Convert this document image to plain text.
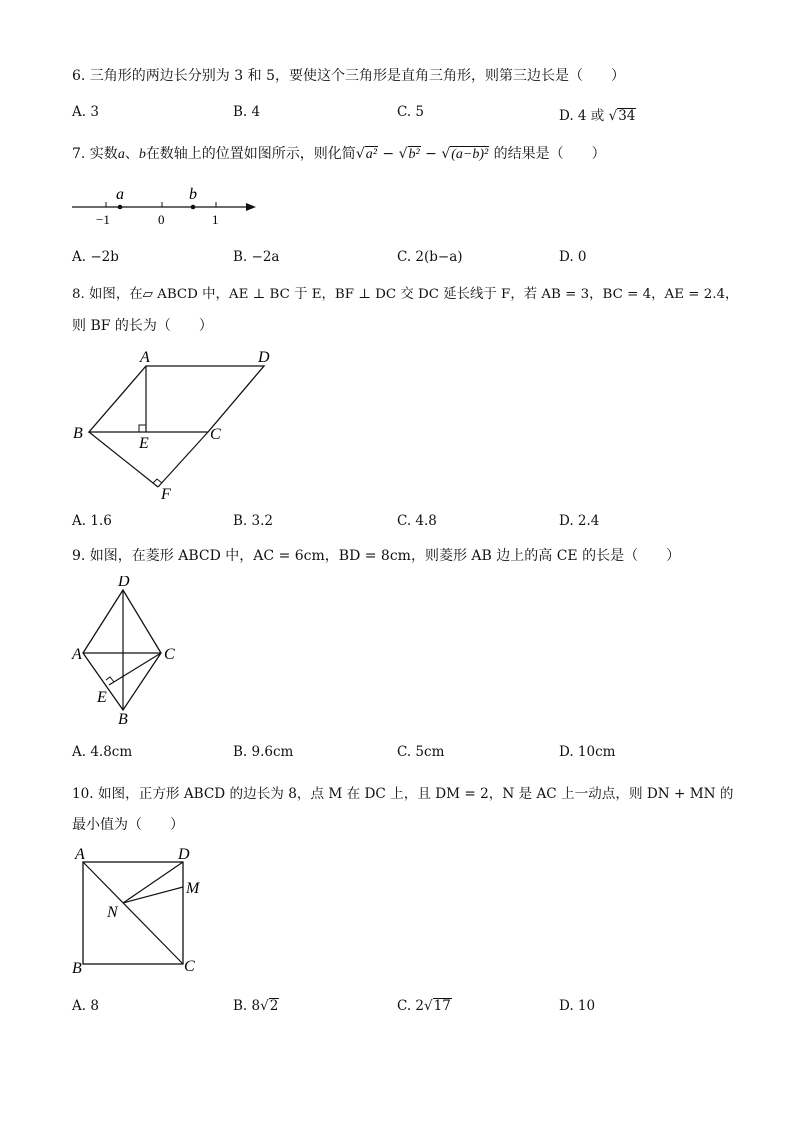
6. 三角形的两边长分别为 3 和 5，要使这个三角形是直角三角形，则第三边长是（　　）
A. 3	B. 4	C. 5	D. 4 或 √34
7. 实数a、b在数轴上的位置如图所示，则化简√a² − √b² − √(a−b)² 的结果是（　　）
a	b
−1	0	1
A. −2b	B. −2a	C. 2(b−a)	D. 0
8. 如图，在▱ ABCD 中，AE ⊥ BC 于 E，BF ⊥ DC 交 DC 延长线于 F，若 AB = 3，BC = 4，AE = 2.4，
则 BF 的长为（　　）
A	D
B	C
E
F
A. 1.6	B. 3.2	C. 4.8	D. 2.4
9. 如图，在菱形 ABCD 中，AC = 6cm，BD = 8cm，则菱形 AB 边上的高 CE 的长是（　　）
D
A	C
E
B
A. 4.8cm	B. 9.6cm	C. 5cm	D. 10cm
10. 如图，正方形 ABCD 的边长为 8，点 M 在 DC 上，且 DM = 2，N 是 AC 上一动点，则 DN + MN 的
最小值为（　　）
A	D
M
N
B	C
A. 8	B. 8√2	C. 2√17	D. 10
